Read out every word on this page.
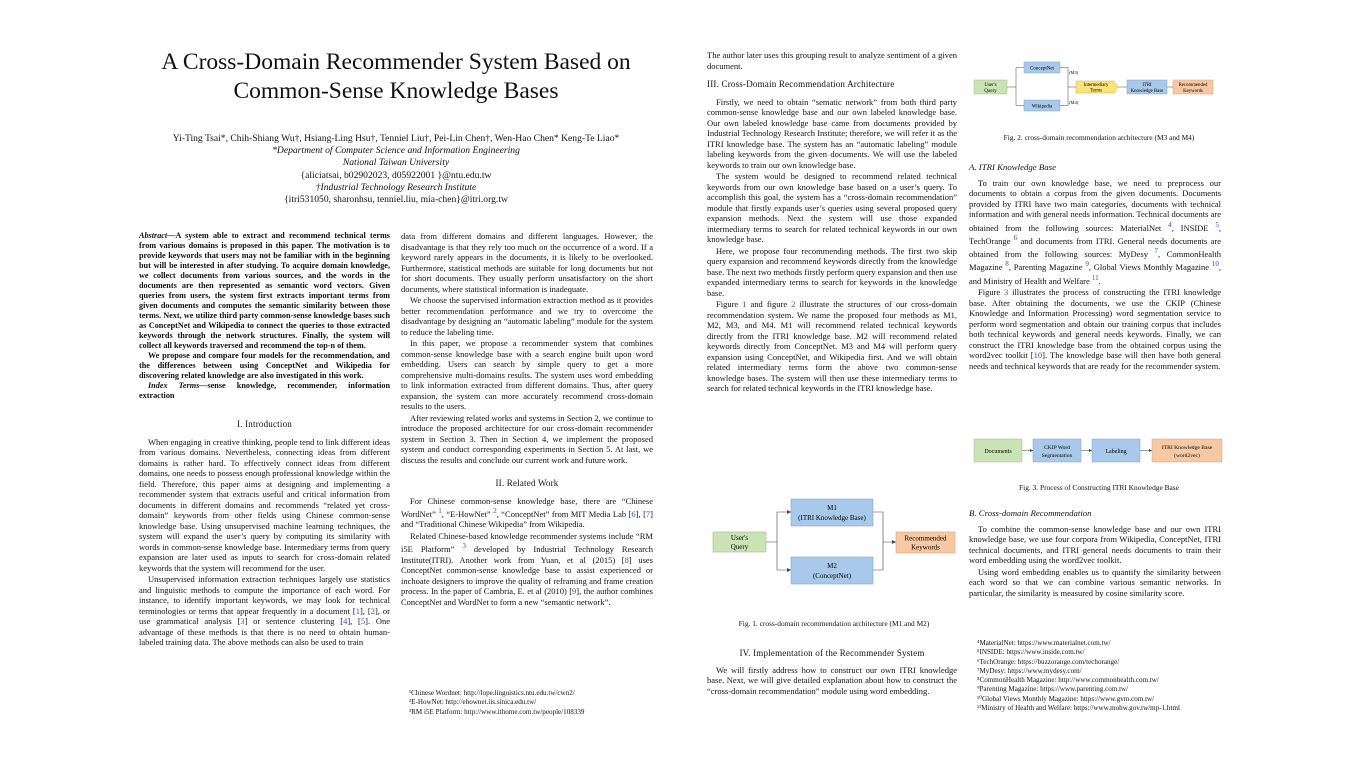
A Cross-Domain Recommender System Based on
Common-Sense Knowledge Bases
Yi-Ting Tsai*, Chih-Shiang Wu†, Hsiang-Ling Hsu†, Tenniel Liu†, Pei-Lin Chen†, Wen-Hao Chen* Keng-Te Liao*
*Department of Computer Science and Information Engineering
National Taiwan University
{aliciatsai, b02902023, d05922001 }@ntu.edu.tw
†Industrial Technology Research Institute
{itri531050, sharonhsu, tenniel.liu, mia-chen}@itri.org.tw

Abstract—A system able to extract and recommend technical terms from various domains is proposed in this paper. The motivation is to provide keywords that users may not be familiar with in the beginning but will be interested in after studying. To acquire domain knowledge, we collect documents from various sources, and the words in the documents are then represented as semantic word vectors. Given queries from users, the system first extracts important terms from given documents and computes the semantic similarity between those terms. Next, we utilize third party common-sense knowledge bases such as ConceptNet and Wikipedia to connect the queries to those extracted keywords through the network structures. Finally, the system will collect all keywords traversed and recommend the top-n of them.

We propose and compare four models for the recommendation, and the differences between using ConceptNet and Wikipedia for discovering related knowledge are also investigated in this work.

Index Terms—sense knowledge, recommender, information extraction

I. Introduction

When engaging in creative thinking, people tend to link different ideas from various domains. Nevertheless, connecting ideas from different domains is rather hard. To effectively connect ideas from different domains, one needs to possess enough professional knowledge within the field. Therefore, this paper aims at designing and implementing a recommender system that extracts useful and critical information from documents in different domains and recommends “related yet cross-domain” keywords from other fields using Chinese common-sense knowledge base. Using unsupervised machine learning techniques, the system will expand the user’s query by computing its similarity with words in common-sense knowledge base. Intermediary terms from query expansion are later used as inputs to search for cross-domain related keywords that the system will recommend for the user.

Unsupervised information extraction techniques largely use statistics and linguistic methods to compute the importance of each word. For instance, to identify important keywords, we may look for technical terminologies or terms that appear frequently in a document [1], [2], or use grammatical analysis [3] or sentence clustering [4], [5]. One advantage of these methods is that there is no need to obtain human-labeled training data. The above methods can also be used to train

data from different domains and different languages. However, the disadvantage is that they rely too much on the occurrence of a word. If a keyword rarely appears in the documents, it is likely to be overlooked. Furthermore, statistical methods are suitable for long documents but not for short documents. They usually perform unsatisfactory on the short documents, where statistical information is inadequate.

We choose the supervised information extraction method as it provides better recommendation performance and we try to overcome the disadvantage by designing an “automatic labeling” module for the system to reduce the labeling time.

In this paper, we propose a recommender system that combines common-sense knowledge base with a search engine built upon word embedding. Users can search by simple query to get a more comprehensive multi-domains results. The system uses word embedding to link information extracted from different domains. Thus, after query expansion, the system can more accurately recommend cross-domain results to the users.

After reviewing related works and systems in Section 2, we continue to introduce the proposed architecture for our cross-domain recommender system in Section 3. Then in Section 4, we implement the proposed system and conduct corresponding experiments in Section 5. At last, we discuss the results and conclude our current work and future work.

II. Related Work

For Chinese common-sense knowledge base, there are “Chinese WordNet” $^1$, “E-HowNet” $^2$, “ConceptNet” from MIT Media Lab [6], [7] and “Traditional Chinese Wikipedia” from Wikipedia.

Related Chinese-based knowledge recommender systems include “RM i5E Platform” $^3$ developed by Industrial Technology Research Institute(ITRI). Another work from Yuan, et al (2015) [8] uses ConceptNet common-sense knowledge base to assist experienced or inchoate designers to improve the quality of reframing and frame creation process. In the paper of Cambria, E. et al (2010) [9], the author combines ConceptNet and WordNet to form a new “semantic network”.

¹Chinese Wordnet: http://lope.linguistics.ntu.edu.tw/cwn2/
²E-HowNet: http://ehownet.iis.sinica.edu.tw/
³RM i5E Platform: http://www.ithome.com.tw/people/108339

The author later uses this grouping result to analyze sentiment of a given document.

III. Cross-Domain Recommendation Architecture

Firstly, we need to obtain “sematic network” from both third party common-sense knowledge base and our own labeled knowledge base. Our own labeled knowledge base came from documents provided by Industrial Technology Research Institute; therefore, we will refer it as the ITRI knowledge base. The system has an “automatic labeling” module labeling keywords from the given documents. We will use the labeled keywords to train our own knowledge base.

The system would be designed to recommend related technical keywords from our own knowledge base based on a user’s query. To accomplish this goal, the system has a “cross-domain recommendation” module that firstly expands user’s queries using several proposed query expansion methods. Next the system will use those expanded intermediary terms to search for related technical keywords in our own knowledge base.

Here, we propose four recommending methods. The first two skip query expansion and recommend keywords directly from the knowledge base. The next two methods firstly perform query expansion and then use expanded intermediary terms to search for keywords in the knowledge base.

Figure 1 and figure 2 illustrate the structures of our cross-domain recommendation system. We name the proposed four methods as M1, M2, M3, and M4. M1 will recommend related technical keywords directly from the ITRI knowledge base. M2 will recommend related keywords directly from ConceptNet. M3 and M4 will perform query expansion using ConceptNet, and Wikipedia first. And we will obtain related intermediary terms form the above two common-sense knowledge bases. The system will then use these intermediary terms to search for related technical keywords in the ITRI knowledge base.

User's
Query
M1
(ITRI Knowledge Base)
M2
(ConceptNet)
Recommended
Keywords
Fig. 1. cross-domain recommendation architecture (M1 and M2)
IV. Implementation of the Recommender System

We will firstly address how to construct our own ITRI knowledge base. Next, we will give detailed explanation about how to construct the “cross-domain recommendation” module using word embedding.

User's
Query
ConceptNet
Wikipedia
(M3)
(M4)
Intermediary
Terms
ITRI
Knowledge Base
Recommended
Keywords
Fig. 2. cross-domain recommendation architecture (M3 and M4)
A. ITRI Knowledge Base

To train our own knowledge base, we need to preprocess our documents to obtain a corpus from the given documents. Documents provided by ITRI have two main categories, documents with technical information and with general needs information. Technical documents are obtained from the following sources: MaterialNet $^4$, INSIDE $^5$, TechOrange $^6$ and documents from ITRI. General needs documents are obtained from the following sources: MyDesy $^7$, CommonHealth Magazine $^8$, Parenting Magazine $^9$, Global Views Monthly Magazine $^{10}$, and Ministry of Health and Welfare $^{11}$.

Figure 3 illustrates the process of constructing the ITRI knowledge base. After obtaining the documents, we use the CKIP (Chinese Knowledge and Information Processing) word segmentation service to perform word segmentation and obtain our training corpus that includes both technical keywords and general needs keywords. Finally, we can construct the ITRI knowledge base from the obtained corpus using the word2vec toolkit [10]. The knowledge base will then have both general needs and technical keywords that are ready for the recommender system.

Documents
CKIP Word
Segmentation
Labeling
ITRI Knowledge Base
(word2vec)
Fig. 3. Process of Constructing ITRI Knowledge Base
B. Cross-domain Recommendation

To combine the common-sense knowledge base and our own ITRI knowledge base, we use four corpora from Wikipedia, ConceptNet, ITRI technical documents, and ITRI general needs documents to train their word embedding using the word2vec toolkit.

Using word embedding enables us to quantify the similarity between each word so that we can combine various semantic networks. In particular, the similarity is measured by cosine similarity score.

⁴MaterialNet: https://www.materialnet.com.tw/
⁵INSIDE: https://www.inside.com.tw/
⁶TechOrange: https://buzzorange.com/techorange/
⁷MyDesy: https://www.mydesy.com/
⁸CommonHealth Magazine: http://www.commonhealth.com.tw/
⁹Parenting Magazine: https://www.parenting.com.tw/
¹⁰Global Views Monthly Magazine: https://www.gvm.com.tw/
¹¹Ministry of Health and Welfare: https://www.mohw.gov.tw/mp-1.html
